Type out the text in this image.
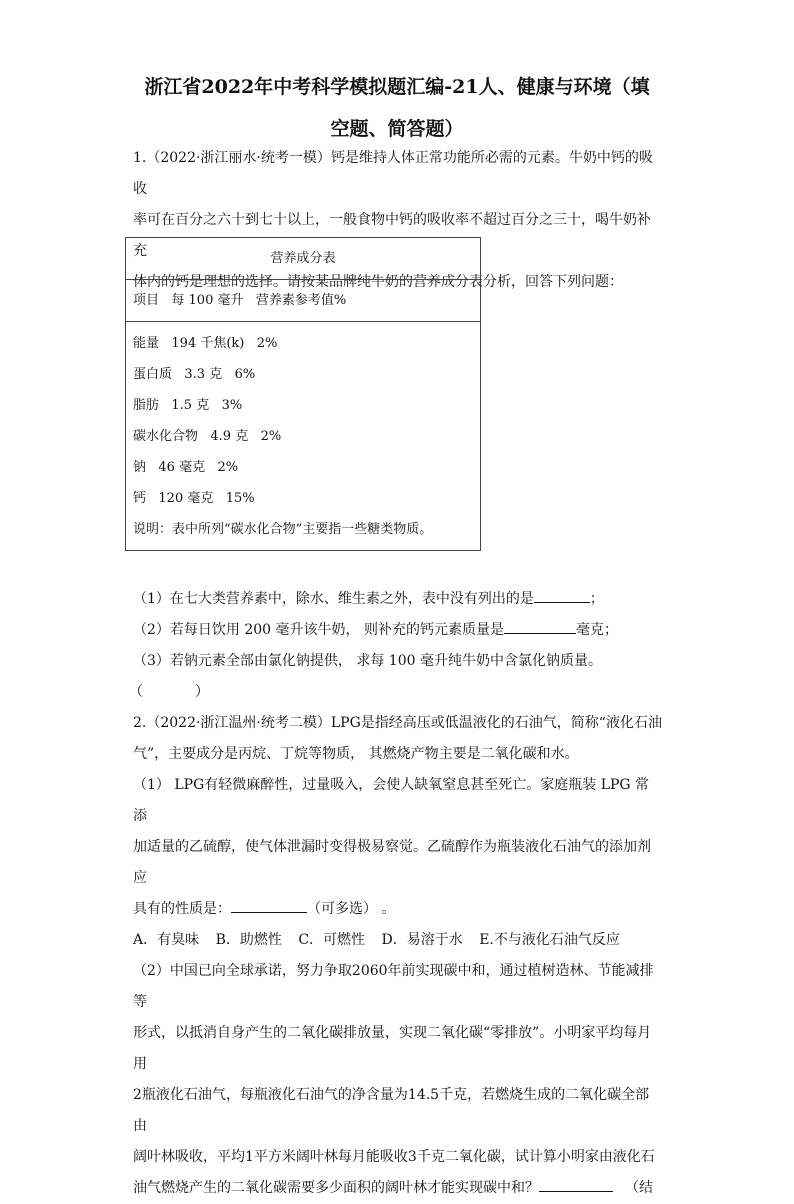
浙江省2022年中考科学模拟题汇编-21人、健康与环境（填
空题、简答题）

1.（2022·浙江丽水·统考一模）钙是维持人体正常功能所必需的元素。牛奶中钙的吸收

率可在百分之六十到七十以上，一般食物中钙的吸收率不超过百分之三十，喝牛奶补充

体内的钙是理想的选择。请按某品牌纯牛奶的营养成分表分析，回答下列问题：

营养成分表
项目   每 100 毫升   营养素参考值%
能量   194 千焦(k)   2%
蛋白质   3.3 克   6%
脂肪   1.5 克   3%
碳水化合物   4.9 克   2%
钠   46 毫克   2%
钙   120 毫克   15%
说明：表中所列“碳水化合物”主要指一些糖类物质。

（1）在七大类营养素中，除水、维生素之外，表中没有列出的是	；

（2）若每日饮用 200 毫升该牛奶， 则补充的钙元素质量是	毫克；

（3）若钠元素全部由氯化钠提供， 求每 100 毫升纯牛奶中含氯化钠质量。

（	）

2.（2022·浙江温州·统考二模）LPG是指经高压或低温液化的石油气，简称“液化石油

气”，主要成分是丙烷、丁烷等物质， 其燃烧产物主要是二氧化碳和水。

（1） LPG有轻微麻醉性，过量吸入，会使人缺氧窒息甚至死亡。家庭瓶装 LPG 常添

加适量的乙硫醇，使气体泄漏时变得极易察觉。乙硫醇作为瓶装液化石油气的添加剂应

具有的性质是：	（可多选） 。

A．有臭味 B．助燃性 C．可燃性 D．易溶于水 E.不与液化石油气反应

（2）中国已向全球承诺，努力争取2060年前实现碳中和，通过植树造林、节能减排等

形式，以抵消自身产生的二氧化碳排放量，实现二氧化碳“零排放”。小明家平均每月用

2瓶液化石油气，每瓶液化石油气的净含量为14.5千克，若燃烧生成的二氧化碳全部由

阔叶林吸收，平均1平方米阔叶林每月能吸收3千克二氧化碳，试计算小明家由液化石

油气燃烧产生的二氧化碳需要多少面积的阔叶林才能实现碳中和？	（结
